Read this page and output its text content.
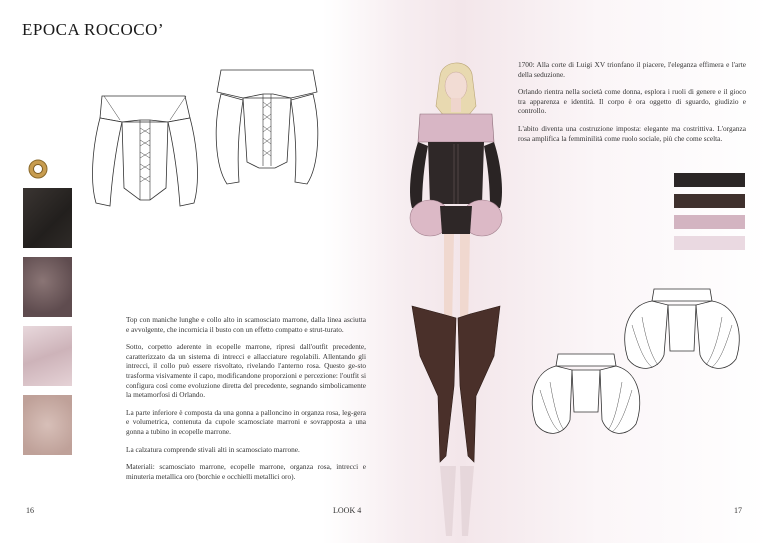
EPOCA ROCOCO’

Top con maniche lunghe e collo alto in scamosciato marrone, dalla linea asciutta e avvolgente, che incornicia il busto con un effetto compatto e strut-turato.

Sotto, corpetto aderente in ecopelle marrone, ripresi dall'outfit precedente, caratterizzato da un sistema di intrecci e allacciature regolabili. Allentando gli intrecci, il collo può essere risvoltato, rivelando l'anterno rosa. Questo ge-sto trasforma visivamente il capo, modificandone proporzioni e percezione: l'outfit si configura così come evoluzione diretta del precedente, segnando simbolicamente la metamorfosi di Orlando.

La parte inferiore è composta da una gonna a palloncino in organza rosa, leg-gera e volumetrica, contenuta da cupole scamosciate marroni e sovrapposta a una gonna a tubino in ecopelle marrone.

La calzatura comprende stivali alti in scamosciato marrone.

Materiali: scamosciato marrone, ecopelle marrone, organza rosa, intrecci e minuteria metallica oro (borchie e occhielli metallici oro).

1700: Alla corte di Luigi XV trionfano il piacere, l'eleganza effimera e l'arte della seduzione.

Orlando rientra nella società come donna, esplora i ruoli di genere e il gioco tra apparenza e identità. Il corpo è ora oggetto di sguardo, giudizio e controllo.

L'abito diventa una costruzione imposta: elegante ma costrittiva. L'organza rosa amplifica la femminilità come ruolo sociale, più che come scelta.

16	LOOK 4	17
